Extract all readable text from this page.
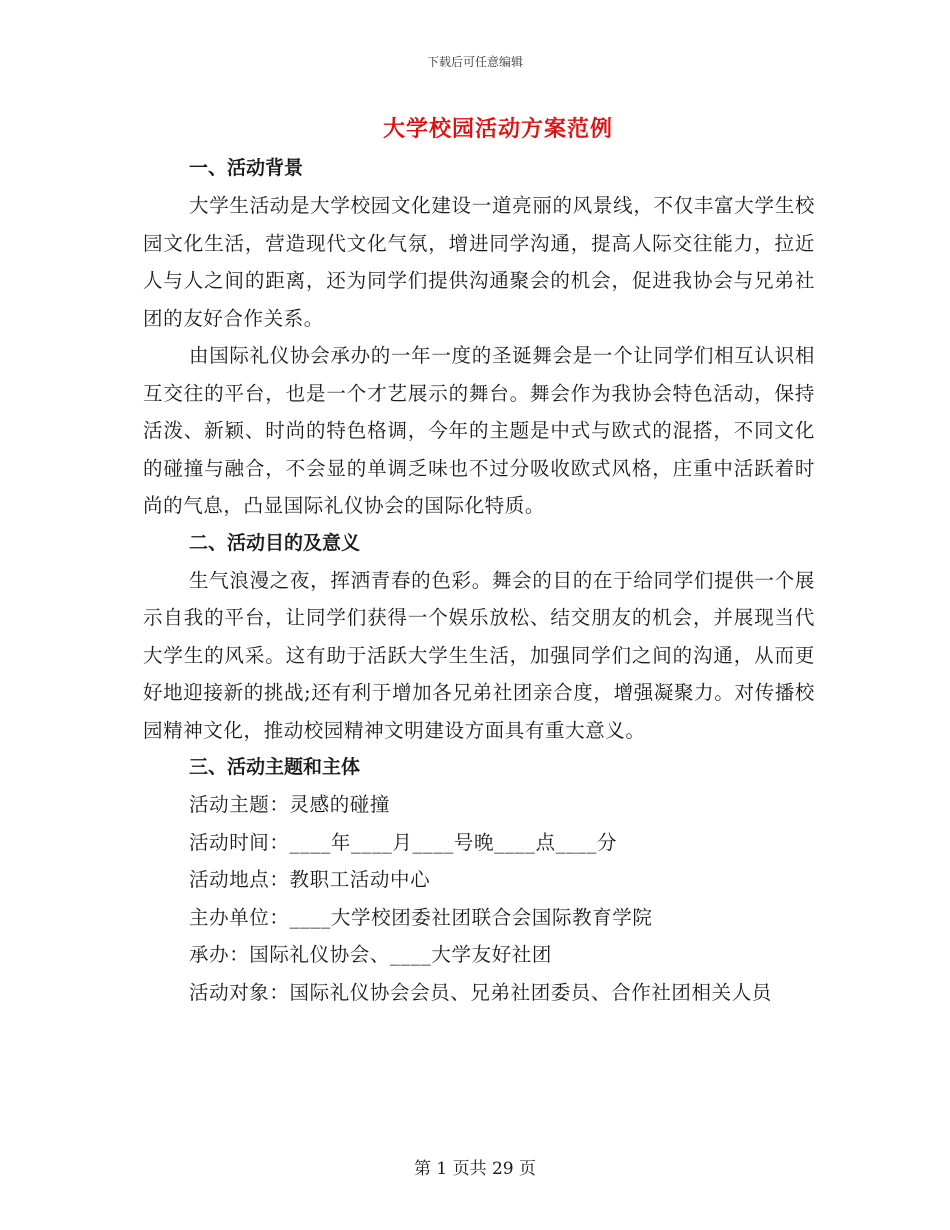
下载后可任意编辑
大学校园活动方案范例

一、活动背景

大学生活动是大学校园文化建设一道亮丽的风景线，不仅丰富大学生校园文化生活，营造现代文化气氛，增进同学沟通，提高人际交往能力，拉近人与人之间的距离，还为同学们提供沟通聚会的机会，促进我协会与兄弟社团的友好合作关系。

由国际礼仪协会承办的一年一度的圣诞舞会是一个让同学们相互认识相互交往的平台，也是一个才艺展示的舞台。舞会作为我协会特色活动，保持活泼、新颖、时尚的特色格调，今年的主题是中式与欧式的混搭，不同文化的碰撞与融合，不会显的单调乏味也不过分吸收欧式风格，庄重中活跃着时尚的气息，凸显国际礼仪协会的国际化特质。

二、活动目的及意义

生气浪漫之夜，挥洒青春的色彩。舞会的目的在于给同学们提供一个展示自我的平台，让同学们获得一个娱乐放松、结交朋友的机会，并展现当代大学生的风采。这有助于活跃大学生生活，加强同学们之间的沟通，从而更好地迎接新的挑战;还有利于增加各兄弟社团亲合度，增强凝聚力。对传播校园精神文化，推动校园精神文明建设方面具有重大意义。

三、活动主题和主体

活动主题：灵感的碰撞

活动时间：____年____月____号晚____点____分

活动地点：教职工活动中心

主办单位：____大学校团委社团联合会国际教育学院

承办：国际礼仪协会、____大学友好社团

活动对象：国际礼仪协会会员、兄弟社团委员、合作社团相关人员

第 1 页共 29 页
